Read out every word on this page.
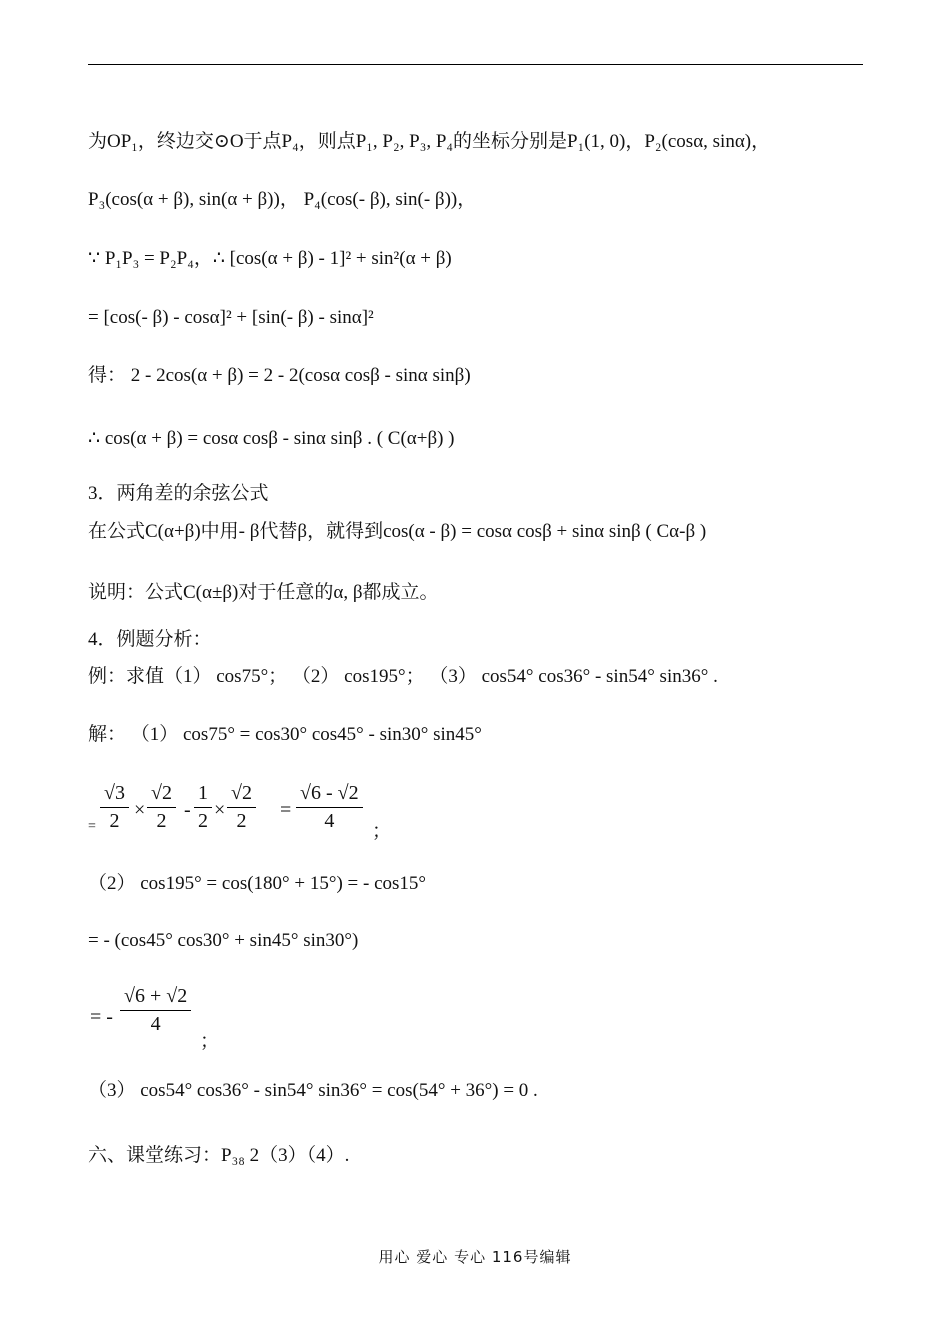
为OP₁，终边交⊙O于点P₄，则点P₁, P₂, P₃, P₄的坐标分别是P₁(1, 0)，P₂(cosα, sinα)，
P₃(cos(α + β), sin(α + β))， P₄(cos(- β), sin(- β))，
∵ P₁P₃ = P₂P₄，∴ [cos(α + β) - 1]² + sin²(α + β)
= [cos(- β) - cosα]² + [sin(- β) - sinα]²
得： 2 - 2cos(α + β) = 2 - 2(cosα cosβ - sinα sinβ)
∴ cos(α + β) = cosα cosβ - sinα sinβ . ( C(α+β) )
3．两角差的余弦公式
在公式C(α+β)中用- β代替β，就得到cos(α - β) = cosα cosβ + sinα sinβ ( Cα-β )
说明：公式C(α±β)对于任意的α, β都成立。
4．例题分析：
例：求值（1） cos75°； （2） cos195°； （3） cos54° cos36° - sin54° sin36° .
解： （1） cos75° = cos30° cos45° - sin30° sin45°
= $\frac{√3}{2} \times \frac{√2}{2} - \frac{1}{2} \times \frac{√2}{2} = \frac{√6 - √2}{4}$ ；
（2） cos195° = cos(180° + 15°) = - cos15°
= - (cos45° cos30° + sin45° sin30°)
= - $\frac{√6 + √2}{4}$
；
（3） cos54° cos36° - sin54° sin36° = cos(54° + 36°) = 0 .
六、课堂练习：P₃₈ 2（3）（4）.
用心 爱心 专心 116号编辑
